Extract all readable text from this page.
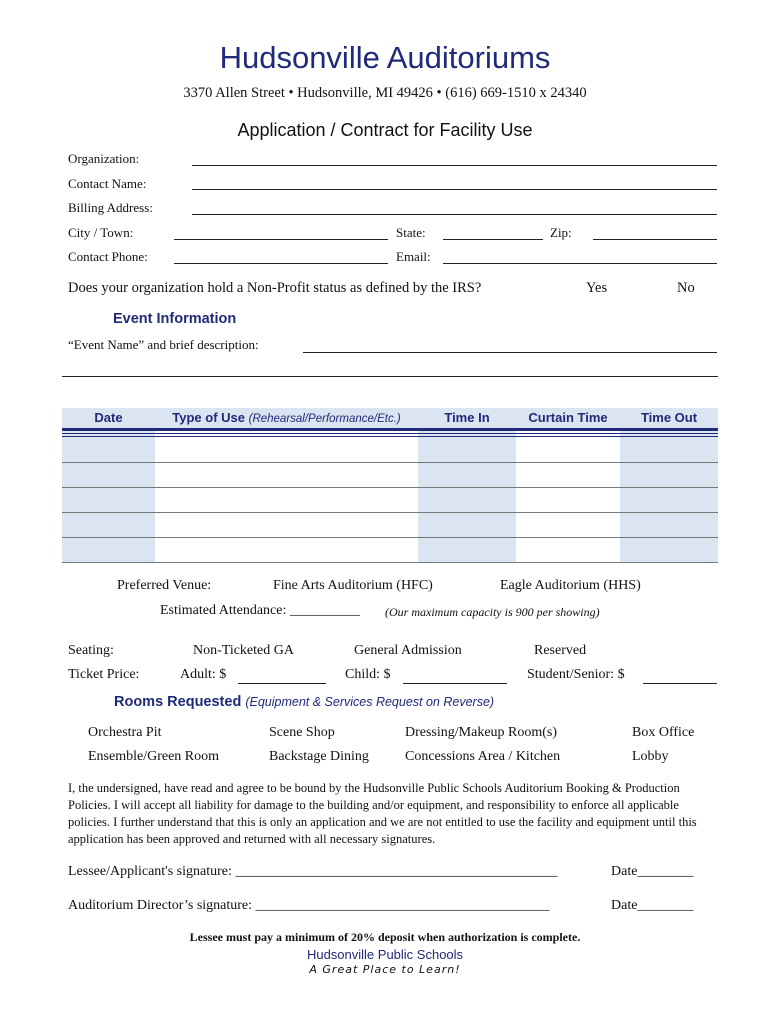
Hudsonville Auditoriums
3370 Allen Street • Hudsonville, MI 49426 • (616) 669-1510 x 24340
Application / Contract for Facility Use
Organization:
Contact Name:
Billing Address:
City / Town:	State:	Zip:
Contact Phone:	Email:
Does your organization hold a Non-Profit status as defined by the IRS?	Yes	No
Event Information
“Event Name” and brief description:
Date	Type of Use (Rehearsal/Performance/Etc.)	Time In	Curtain Time	Time Out
Preferred Venue:	Fine Arts Auditorium (HFC)	Eagle Auditorium (HHS)
Estimated Attendance: __________ (Our maximum capacity is 900 per showing)
Seating:	Non-Ticketed GA	General Admission	Reserved
Ticket Price:	Adult: $	Child: $	Student/Senior: $
Rooms Requested (Equipment & Services Request on Reverse)
Orchestra Pit	Scene Shop	Dressing/Makeup Room(s)	Box Office
Ensemble/Green Room	Backstage Dining	Concessions Area / Kitchen	Lobby
I, the undersigned, have read and agree to be bound by the Hudsonville Public Schools Auditorium Booking & Production Policies. I will accept all liability for damage to the building and/or equipment, and responsibility to enforce all applicable policies. I further understand that this is only an application and we are not entitled to use the facility and equipment until this application has been approved and returned with all necessary signatures.
Lessee/Applicant's signature: ______________________________________________	Date________
Auditorium Director’s signature: __________________________________________	Date________
Lessee must pay a minimum of 20% deposit when authorization is complete.
Hudsonville Public Schools
A Great Place to Learn!
